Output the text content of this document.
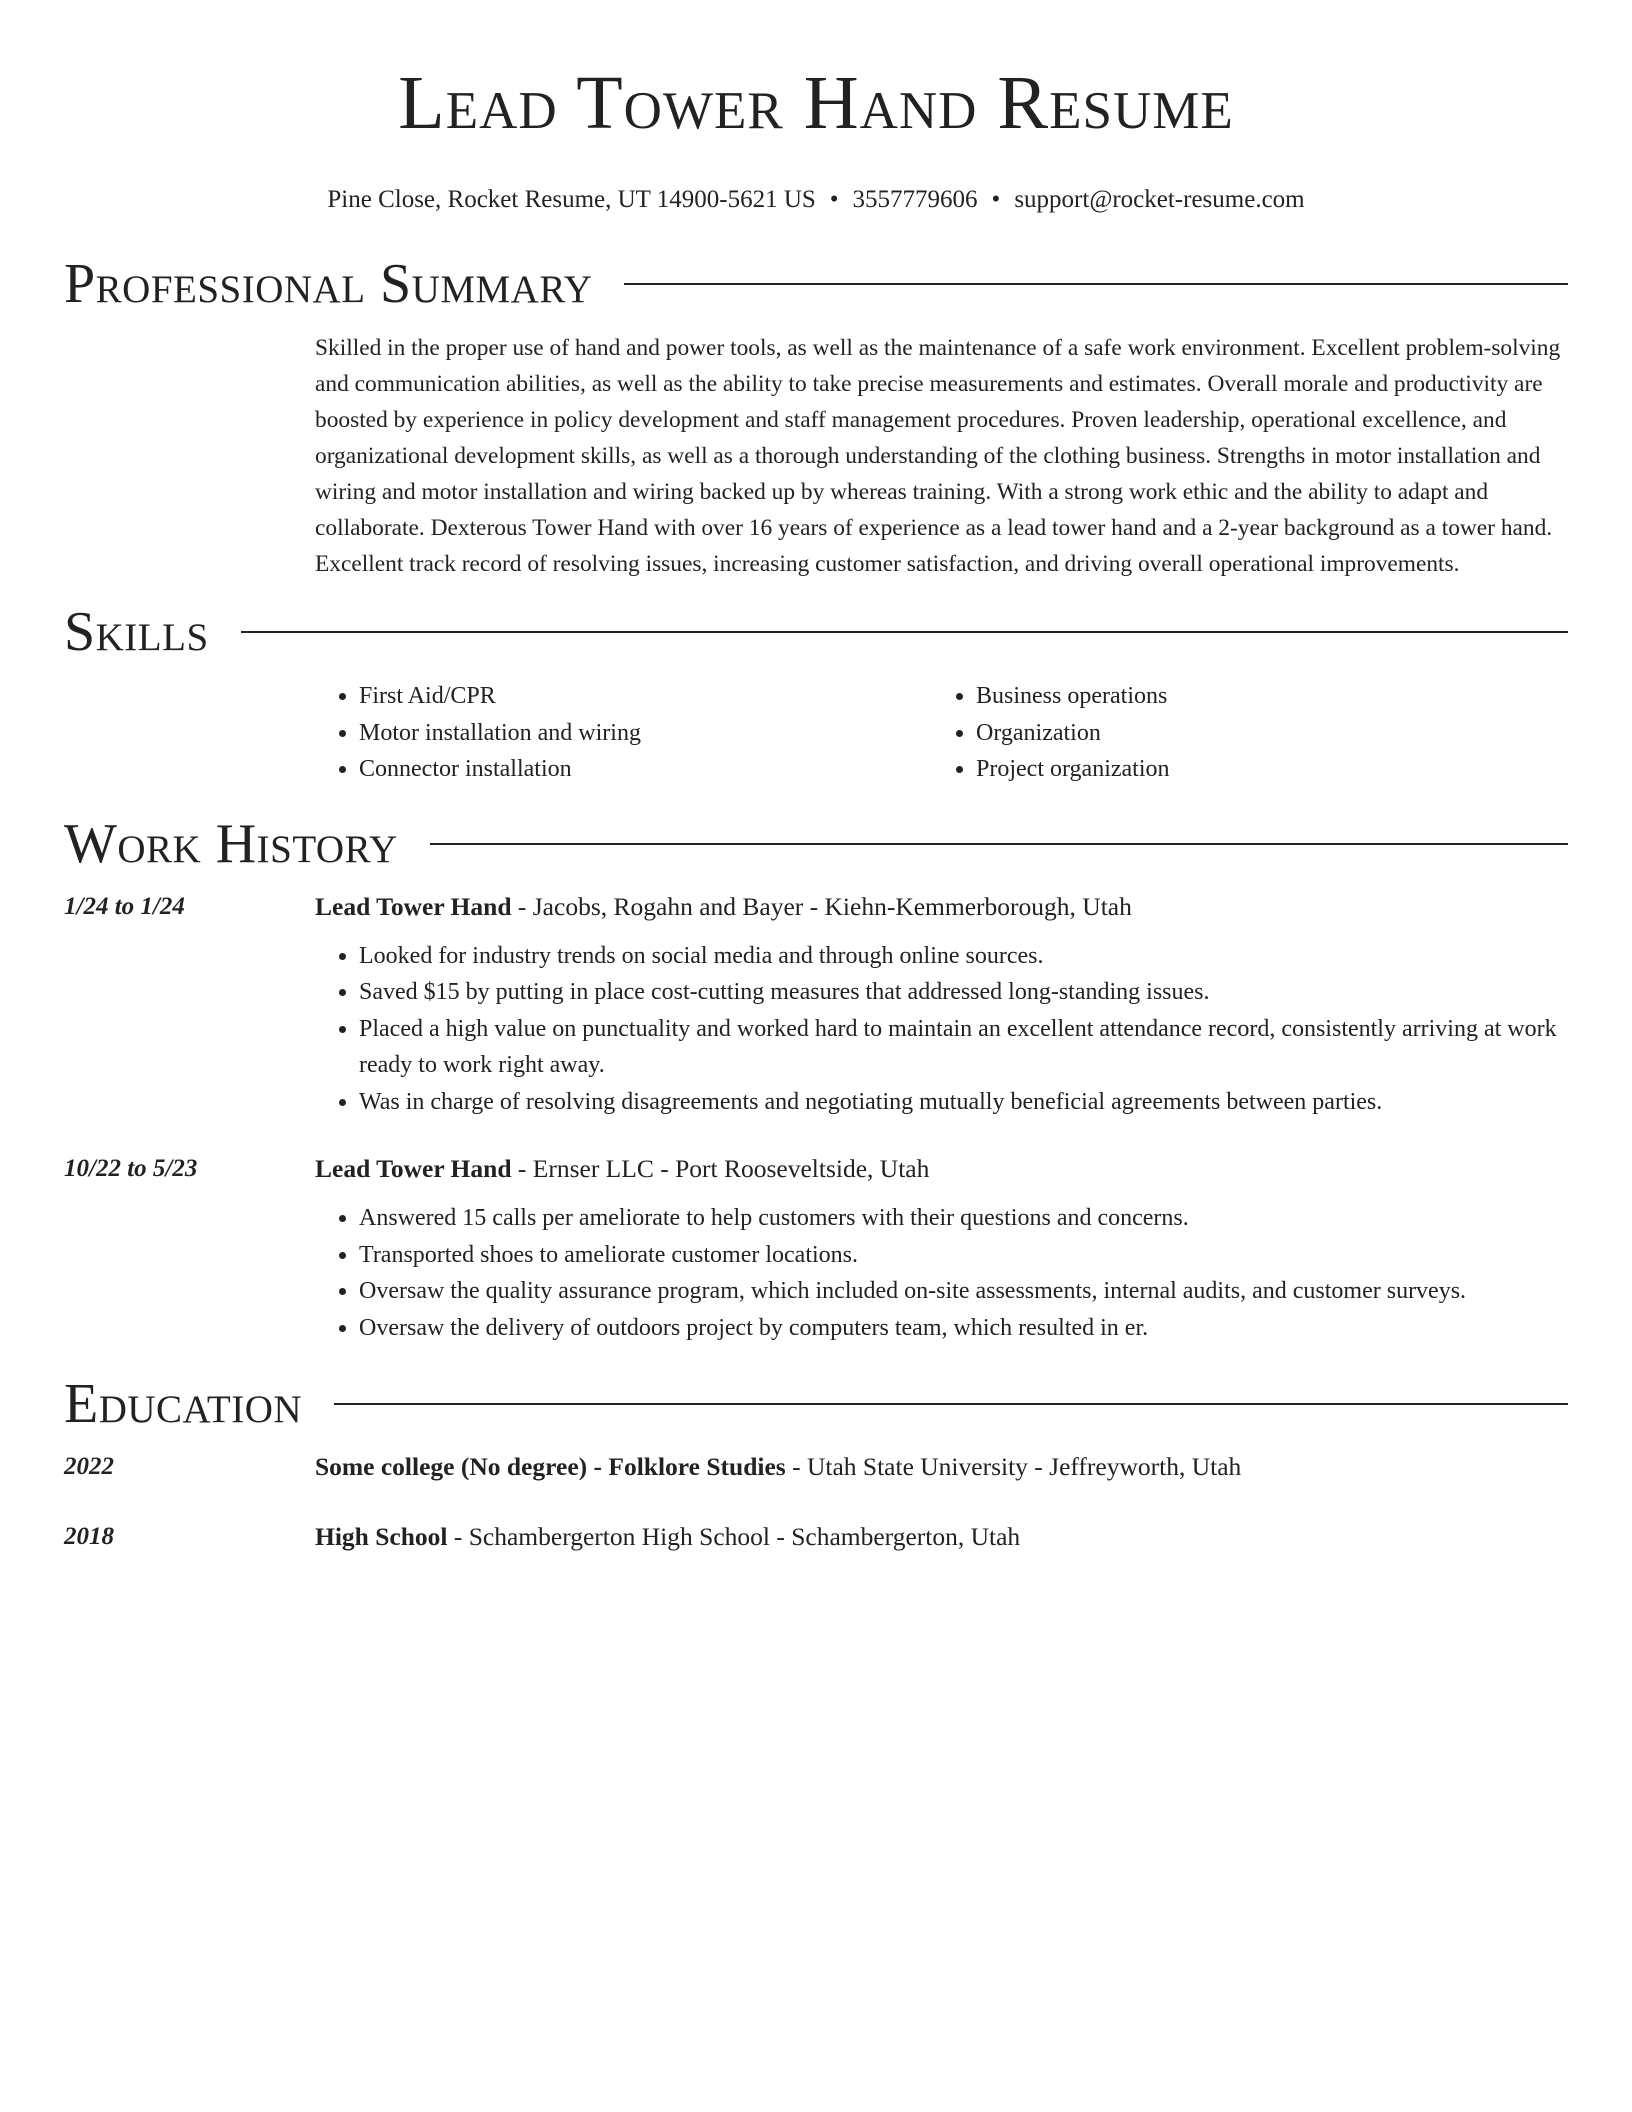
Lead Tower Hand Resume
Pine Close, Rocket Resume, UT 14900-5621 US • 3557779606 • support@rocket-resume.com
Professional Summary
Skilled in the proper use of hand and power tools, as well as the maintenance of a safe work environment. Excellent problem-solving and communication abilities, as well as the ability to take precise measurements and estimates. Overall morale and productivity are boosted by experience in policy development and staff management procedures. Proven leadership, operational excellence, and organizational development skills, as well as a thorough understanding of the clothing business. Strengths in motor installation and wiring and motor installation and wiring backed up by whereas training. With a strong work ethic and the ability to adapt and collaborate. Dexterous Tower Hand with over 16 years of experience as a lead tower hand and a 2-year background as a tower hand. Excellent track record of resolving issues, increasing customer satisfaction, and driving overall operational improvements.
Skills
• First Aid/CPR
• Motor installation and wiring
• Connector installation
• Business operations
• Organization
• Project organization
Work History
1/24 to 1/24	Lead Tower Hand - Jacobs, Rogahn and Bayer - Kiehn-Kemmerborough, Utah
• Looked for industry trends on social media and through online sources.
• Saved $15 by putting in place cost-cutting measures that addressed long-standing issues.
• Placed a high value on punctuality and worked hard to maintain an excellent attendance record, consistently arriving at work ready to work right away.
• Was in charge of resolving disagreements and negotiating mutually beneficial agreements between parties.
10/22 to 5/23	Lead Tower Hand - Ernser LLC - Port Rooseveltside, Utah
• Answered 15 calls per ameliorate to help customers with their questions and concerns.
• Transported shoes to ameliorate customer locations.
• Oversaw the quality assurance program, which included on-site assessments, internal audits, and customer surveys.
• Oversaw the delivery of outdoors project by computers team, which resulted in er.
Education
2022	Some college (No degree) - Folklore Studies - Utah State University - Jeffreyworth, Utah
2018	High School - Schambergerton High School - Schambergerton, Utah
